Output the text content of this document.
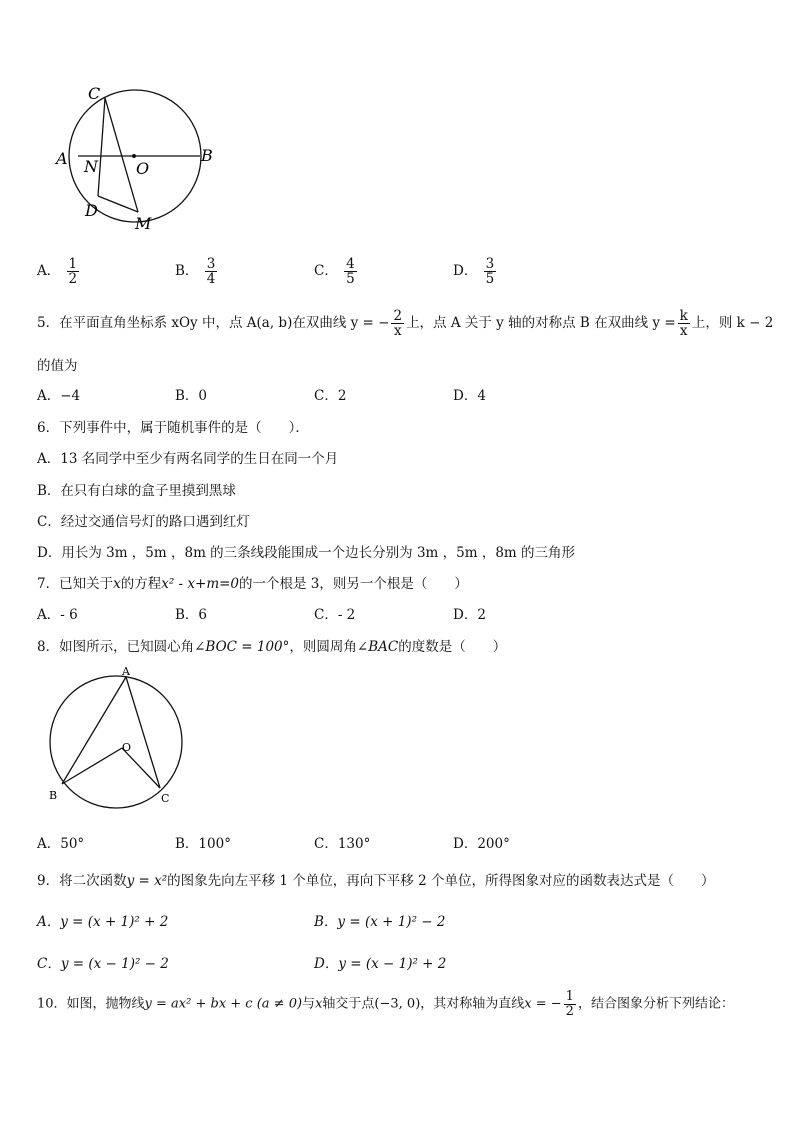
C
A N O
B
D
M
A． $\frac{1}{2}$	B． $\frac{3}{4}$	C． $\frac{4}{5}$	D． $\frac{3}{5}$
5．在平面直角坐标系 xOy 中，点 A(a, b)在双曲线 y = − $\frac{2}{x}$ 上，点 A 关于 y 轴的对称点 B 在双曲线 $y = \frac{k}{x}$ 上，则 k − 2
的值为
A．−4	B．0	C．2	D．4
6．下列事件中，属于随机事件的是（　　）．
A．13 名同学中至少有两名同学的生日在同一个月
B．在只有白球的盒子里摸到黑球
C．经过交通信号灯的路口遇到红灯
D．用长为 3m ，5m ，8m 的三条线段能围成一个边长分别为 3m ，5m ，8m 的三角形
7．已知关于x的方程x² - x+m=0的一个根是 3，则另一个根是（　　）
A．- 6	B．6	C．- 2	D．2
8．如图所示，已知圆心角∠BOC = 100°，则圆周角∠BAC的度数是（　　）
A
O
B	C
A．50°	B．100°	C．130°	D．200°
9．将二次函数y = x²的图象先向左平移 1 个单位，再向下平移 2 个单位，所得图象对应的函数表达式是（　　）
A．y = (x + 1)² + 2	B．y = (x + 1)² − 2
C．y = (x − 1)² − 2	D．y = (x − 1)² + 2
10．如图，抛物线y = ax² + bx + c (a ≠ 0)与x轴交于点(−3, 0)，其对称轴为直线x = − $\frac{1}{2}$ ，结合图象分析下列结论：
